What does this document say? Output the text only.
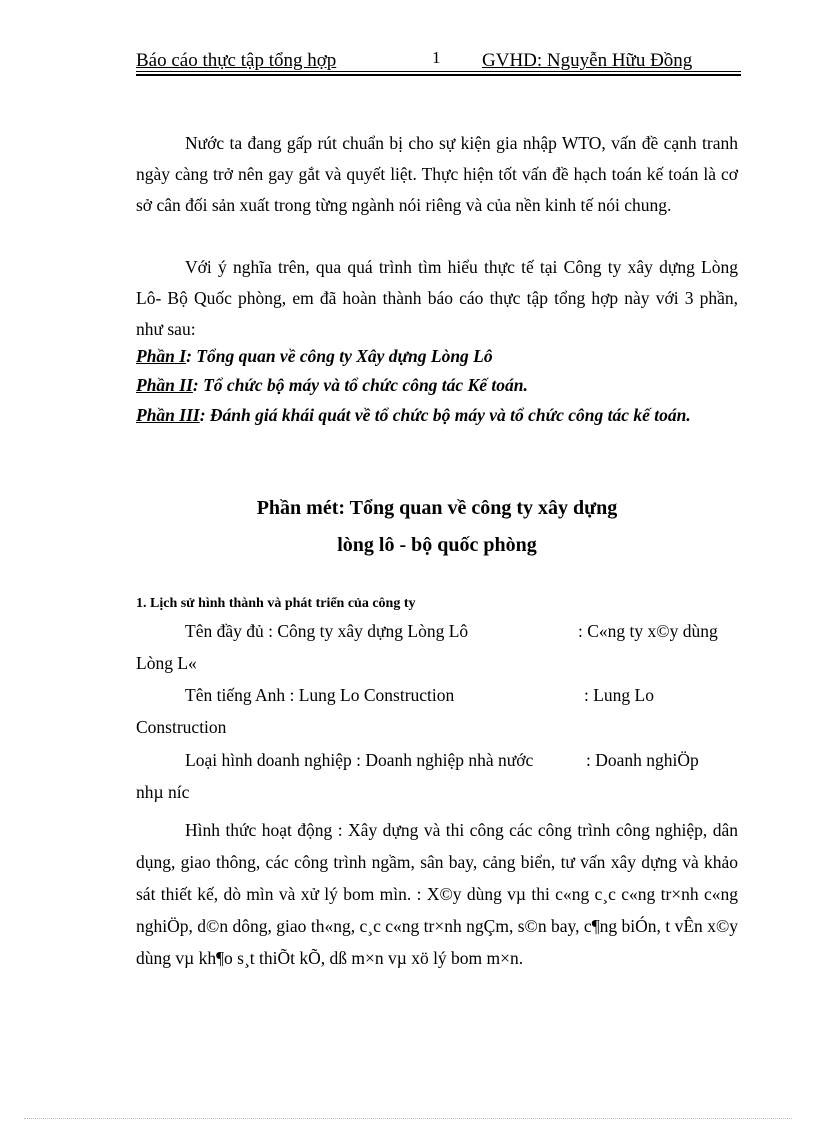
Báo cáo thực tập tổng hợp	1 GVHD: Nguyễn Hữu Đồng

Nước ta đang gấp rút chuẩn bị cho sự kiện gia nhập WTO, vấn đề cạnh tranh ngày càng trở nên gay gắt và quyết liệt. Thực hiện tốt vấn đề hạch toán kế toán là cơ sở cân đối sản xuất trong từng ngành nói riêng và của nền kinh tế nói chung.

Với ý nghĩa trên, qua quá trình tìm hiểu thực tế tại Công ty xây dựng Lòng Lô- Bộ Quốc phòng, em đã hoàn thành báo cáo thực tập tổng hợp này với 3 phần, như sau:

Phần I: Tổng quan về công ty Xây dựng Lòng Lô

Phần II: Tổ chức bộ máy và tổ chức công tác Kế toán.

Phần III: Đánh giá khái quát về tổ chức bộ máy và tổ chức công tác kế toán.

Phần mét: Tổng quan về công ty xây dựng

lòng lô - bộ quốc phòng

1. Lịch sử hình thành và phát triển của công ty

Tên đầy đủ : Công ty xây dựng Lòng Lô	: C«ng ty x©y dùng
Lòng L«
Tên tiếng Anh : Lung Lo Construction	: Lung Lo
Construction
Loại hình doanh nghiệp : Doanh nghiệp nhà nước	: Doanh nghiÖp
nhµ níc

Hình thức hoạt động : Xây dựng và thi công các công trình công nghiệp, dân dụng, giao thông, các công trình ngầm, sân bay, cảng biển, tư vấn xây dựng và khảo sát thiết kế, dò mìn và xử lý bom mìn. : X©y dùng vµ thi c«ng c¸c c«ng tr×nh c«ng nghiÖp, d©n dông, giao th«ng, c¸c c«ng tr×nh ngÇm, s©n bay, c¶ng biÓn, t vÊn x©y dùng vµ kh¶o s¸t thiÕt kÕ, dß m×n vµ xö lý bom m×n.
